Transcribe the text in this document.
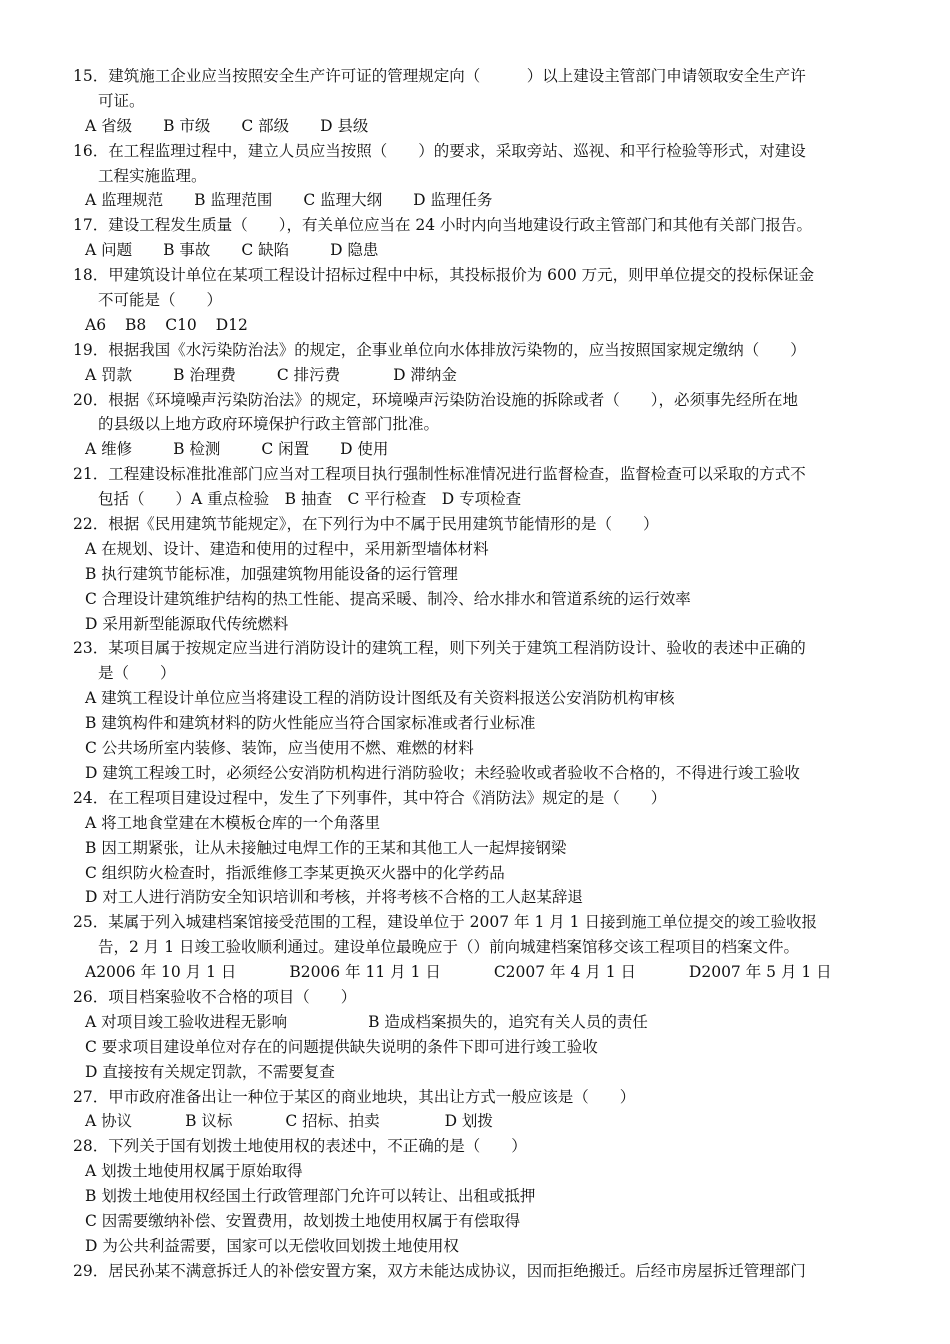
15．建筑施工企业应当按照安全生产许可证的管理规定向（　　　）以上建设主管部门申请领取安全生产许
可证。
A 省级 B 市级 C 部级 D 县级
16．在工程监理过程中，建立人员应当按照（　　）的要求，采取旁站、巡视、和平行检验等形式，对建设
工程实施监理。
A 监理规范 B 监理范围 C 监理大纲 D 监理任务
17．建设工程发生质量（　　），有关单位应当在 24 小时内向当地建设行政主管部门和其他有关部门报告。
A 问题 B 事故 C 缺陷	D 隐患
18．甲建筑设计单位在某项工程设计招标过程中中标，其投标报价为 600 万元，则甲单位提交的投标保证金
不可能是（　　）
A6 B8 C10 D12
19．根据我国《水污染防治法》的规定，企事业单位向水体排放污染物的，应当按照国家规定缴纳（　　）
A 罚款	B 治理费	C 排污费	D 滞纳金
20．根据《环境噪声污染防治法》的规定，环境噪声污染防治设施的拆除或者（　　），必须事先经所在地
的县级以上地方政府环境保护行政主管部门批准。
A 维修	B 检测	C 闲置 D 使用
21．工程建设标准批准部门应当对工程项目执行强制性标准情况进行监督检查，监督检查可以采取的方式不
包括（　　）A 重点检验　B 抽查　C 平行检查　D 专项检查
22．根据《民用建筑节能规定》，在下列行为中不属于民用建筑节能情形的是（　　）
A 在规划、设计、建造和使用的过程中，采用新型墙体材料
B 执行建筑节能标准，加强建筑物用能设备的运行管理
C 合理设计建筑维护结构的热工性能、提高采暖、制冷、给水排水和管道系统的运行效率
D 采用新型能源取代传统燃料
23．某项目属于按规定应当进行消防设计的建筑工程，则下列关于建筑工程消防设计、验收的表述中正确的
是（　　）
A 建筑工程设计单位应当将建设工程的消防设计图纸及有关资料报送公安消防机构审核
B 建筑构件和建筑材料的防火性能应当符合国家标准或者行业标准
C 公共场所室内装修、装饰，应当使用不燃、难燃的材料
D 建筑工程竣工时，必须经公安消防机构进行消防验收；未经验收或者验收不合格的，不得进行竣工验收
24．在工程项目建设过程中，发生了下列事件，其中符合《消防法》规定的是（　　）
A 将工地食堂建在木模板仓库的一个角落里
B 因工期紧张，让从未接触过电焊工作的王某和其他工人一起焊接钢梁
C 组织防火检查时，指派维修工李某更换灭火器中的化学药品
D 对工人进行消防安全知识培训和考核，并将考核不合格的工人赵某辞退
25．某属于列入城建档案馆接受范围的工程，建设单位于 2007 年 1 月 1 日接到施工单位提交的竣工验收报
告，2 月 1 日竣工验收顺利通过。建设单位最晚应于（）前向城建档案馆移交该工程项目的档案文件。
A2006 年 10 月 1 日	B2006 年 11 月 1 日	C2007 年 4 月 1 日	D2007 年 5 月 1 日
26．项目档案验收不合格的项目（　　）
A 对项目竣工验收进程无影响	B 造成档案损失的，追究有关人员的责任
C 要求项目建设单位对存在的问题提供缺失说明的条件下即可进行竣工验收
D 直接按有关规定罚款，不需要复查
27．甲市政府准备出让一种位于某区的商业地块，其出让方式一般应该是（　　）
A 协议	B 议标	C 招标、拍卖	D 划拨
28．下列关于国有划拨土地使用权的表述中，不正确的是（　　）
A 划拨土地使用权属于原始取得
B 划拨土地使用权经国土行政管理部门允许可以转让、出租或抵押
C 因需要缴纳补偿、安置费用，故划拨土地使用权属于有偿取得
D 为公共利益需要，国家可以无偿收回划拨土地使用权
29．居民孙某不满意拆迁人的补偿安置方案，双方未能达成协议，因而拒绝搬迁。后经市房屋拆迁管理部门
